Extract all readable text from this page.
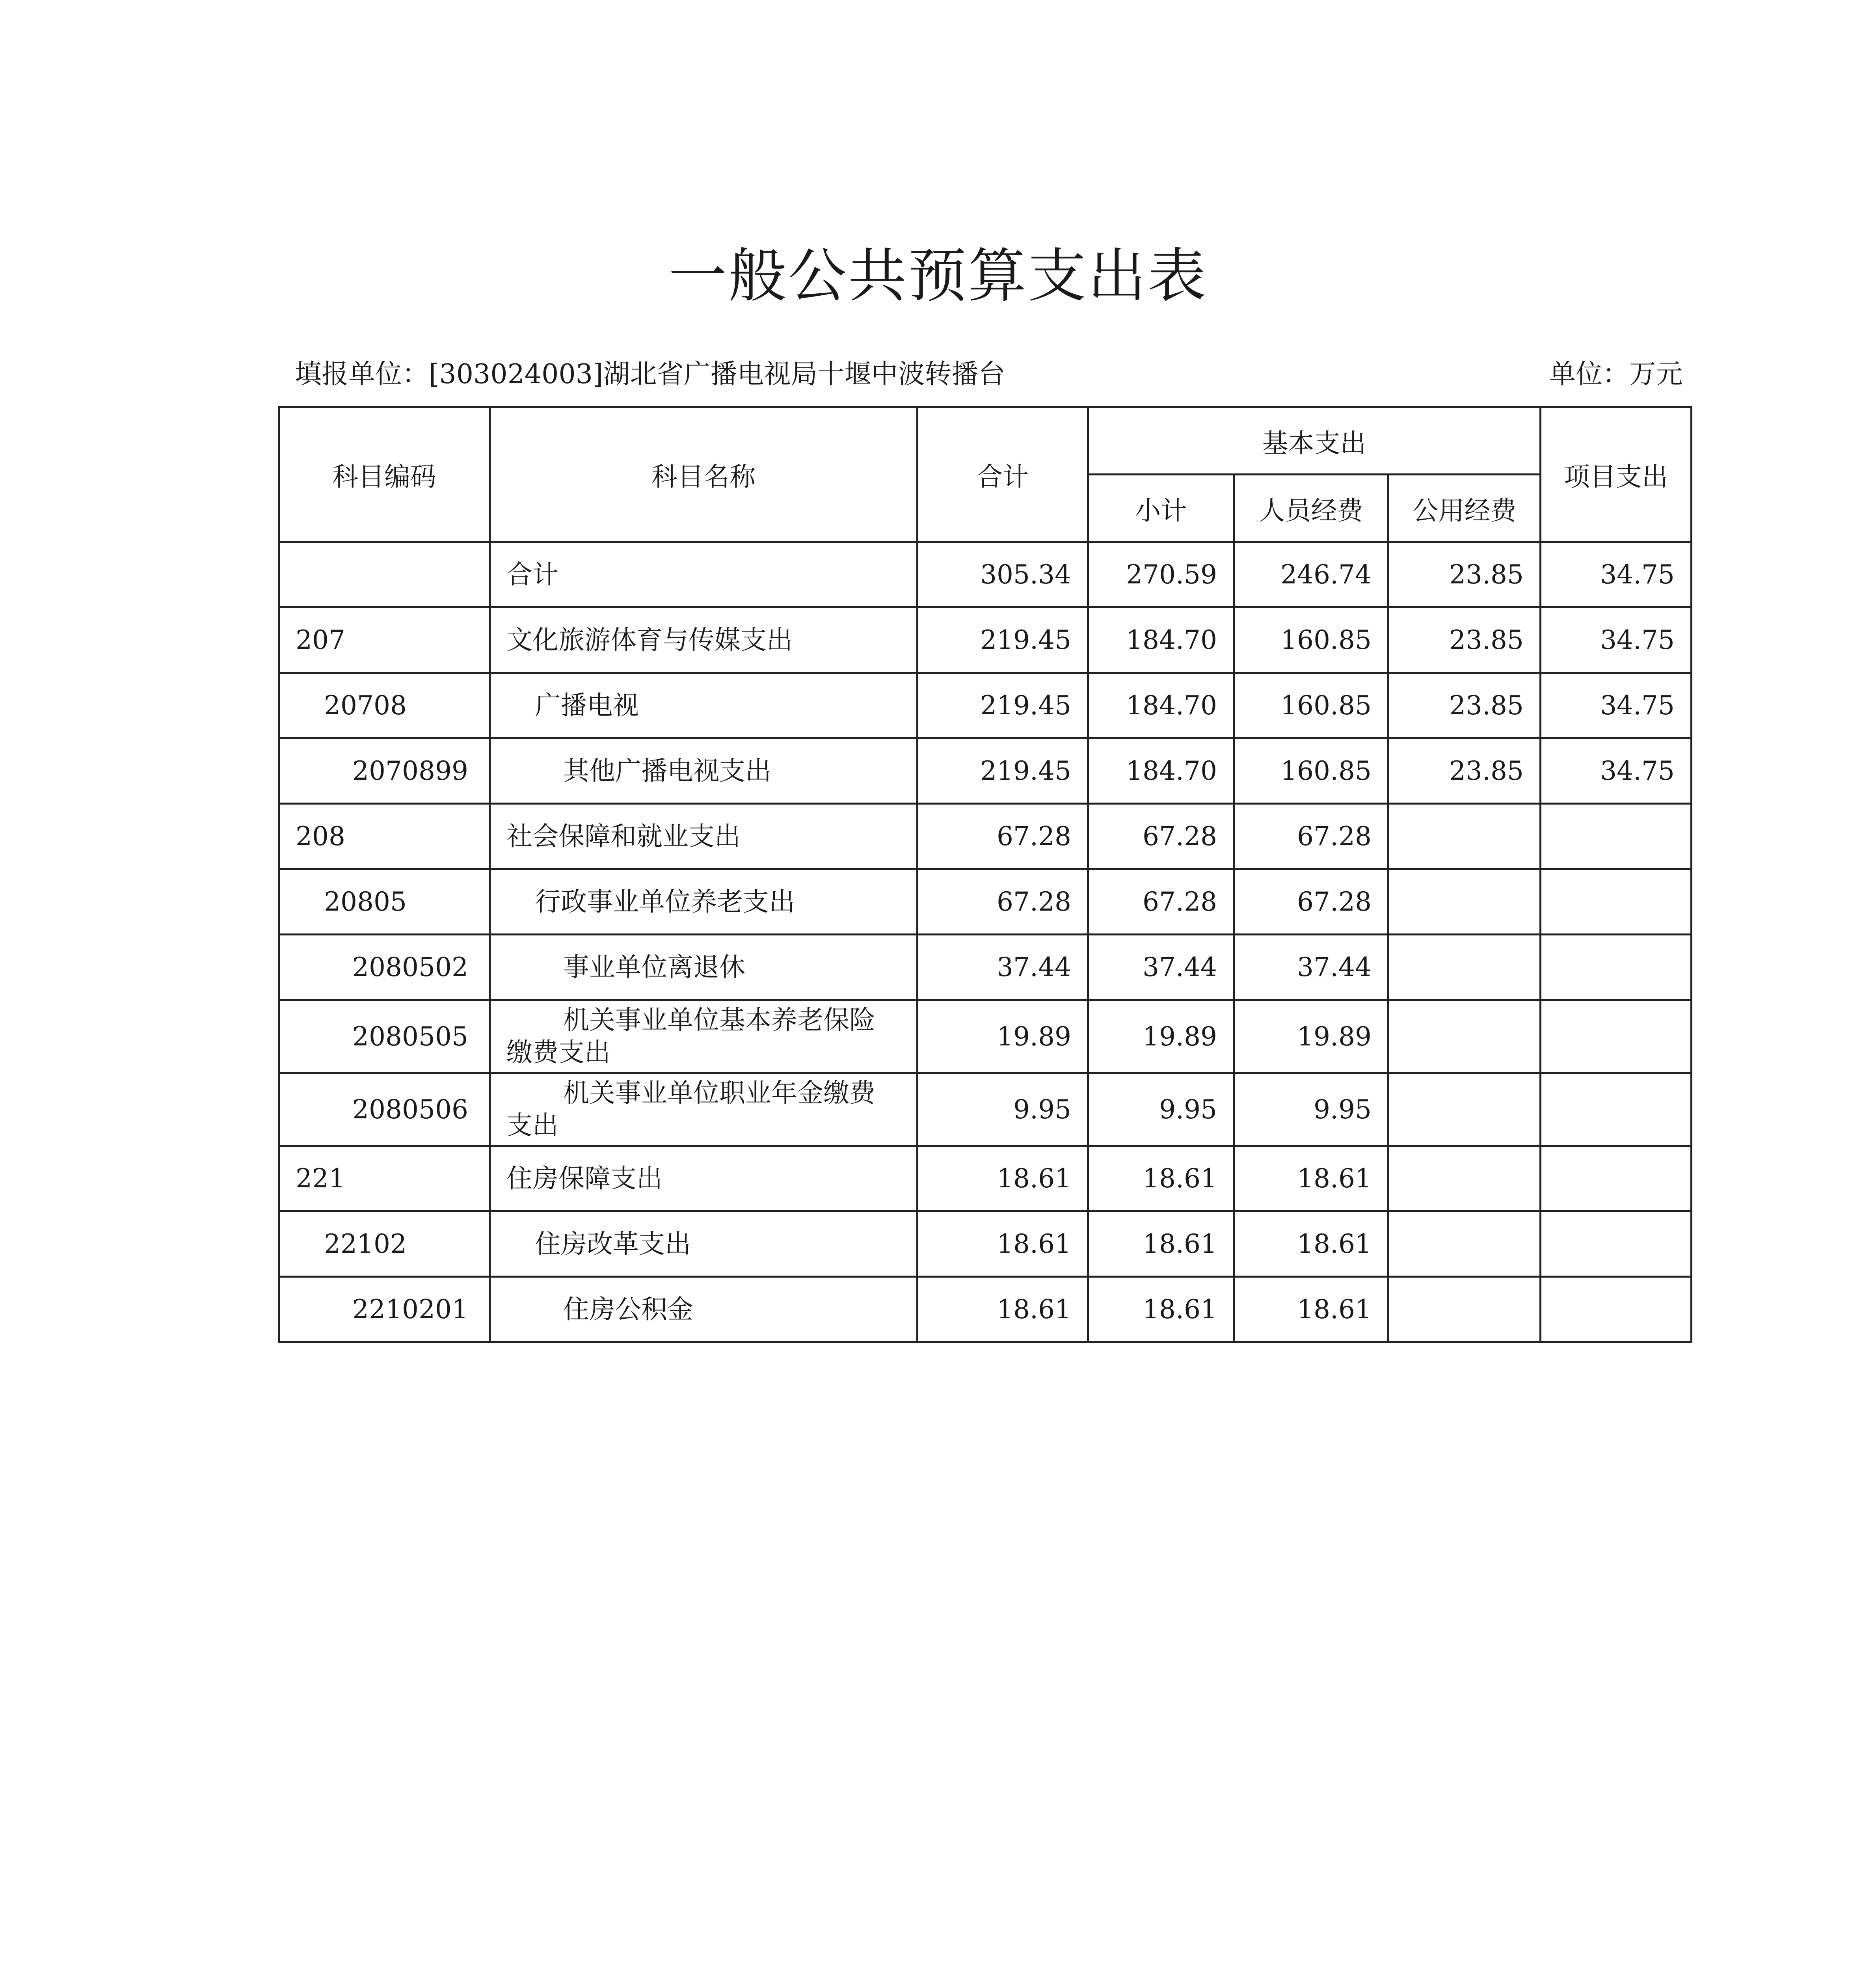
一般公共预算支出表
填报单位：[303024003]湖北省广播电视局十堰中波转播台	单位：万元
科目编码	科目名称	合计	基本支出			项目支出
			小计	人员经费	公用经费	
	合计	305.34	270.59	246.74	23.85	34.75
207	文化旅游体育与传媒支出	219.45	184.70	160.85	23.85	34.75
20708	广播电视	219.45	184.70	160.85	23.85	34.75
2070899	其他广播电视支出	219.45	184.70	160.85	23.85	34.75
208	社会保障和就业支出	67.28	67.28	67.28		
20805	行政事业单位养老支出	67.28	67.28	67.28		
2080502	事业单位离退休	37.44	37.44	37.44		
2080505	机关事业单位基本养老保险缴费支出	19.89	19.89	19.89		
2080506	机关事业单位职业年金缴费支出	9.95	9.95	9.95		
221	住房保障支出	18.61	18.61	18.61		
22102	住房改革支出	18.61	18.61	18.61		
2210201	住房公积金	18.61	18.61	18.61		
